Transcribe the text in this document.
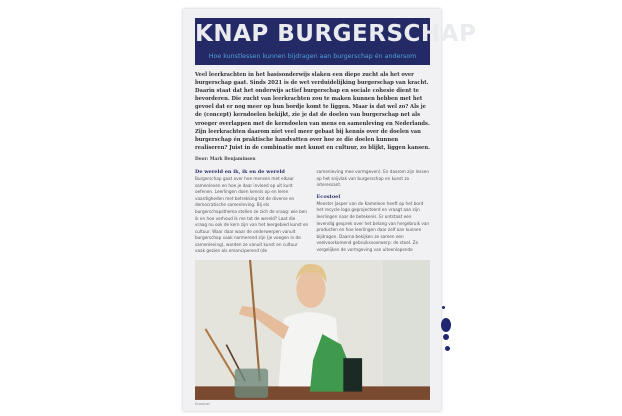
KNAP BURGERSCHAP
Hoe kunstlessen kunnen bijdragen aan burgerschap én andersom
Veel leerkrachten in het basisonderwijs slaken een diepe zucht als het over burgerschap gaat. Sinds 2021 is de wet verduidelijking burgerschap van kracht. Daarin staat dat het onderwijs actief burgerschap en sociale cohesie dient te bevorderen. Die zucht van leerkrachten zou te maken kunnen hebben met het gevoel dat er nog meer op hun bordje komt te liggen. Maar is dat wel zo? Als je de (concept) kerndoelen bekijkt, zie je dat de doelen van burgerschap net als vroeger overlappen met de kerndoelen van mens en samenleving en Nederlands. Zijn leerkrachten daarom niet veel meer gebaat bij kennis over de doelen van burgerschap én praktische handvatten over hoe ze die doelen kunnen realiseren? Juist in de combinatie met kunst en cultuur, zo blijkt, liggen kansen.
Door: Mark Benjaminsen
De wereld en ik, ik en de wereld

Burgerschap gaat over hoe mensen met elkaar samenleven en hoe je daar invloed op uit kunt oefenen. Leerlingen doen kennis op en leren vaardigheden met betrekking tot de diverse en democratische samenleving. Bij els burgerschapsthema stellen ze zich de vraag: wie ben ik en hoe verhoud ik me tot de wereld? Laat die vraag nu ook de kern zijn van het leergebied kunst en cultuur. Waar daar waar de onderwerpen vanuit burgerschap vaak normerend zijn (je voegen in de samenleving), worden ze vanuit kunst en cultuur vaak gezien als emanciperend (de

samenleving mee vormgeven). En daarom zijn lessen op het snijvlak van burgerschap en kunst zo interessant.

Ecostoel

Meester Jasper van de Kameleon heeft op het bord het recycle logo geprojecteerd en vraagt aan zijn leerlingen naar de betekenis. Er ontstaat een levendig gesprek over het belang van hergebruik van producten en hoe leerlingen daar zelf aan kunnen bijdragen. Daarna bekijken ze samen een veelvoorkomend gebruiksvoorwerp: de stoel. Ze vergelijken de vormgeving van uiteenlopende

Ecostoel
